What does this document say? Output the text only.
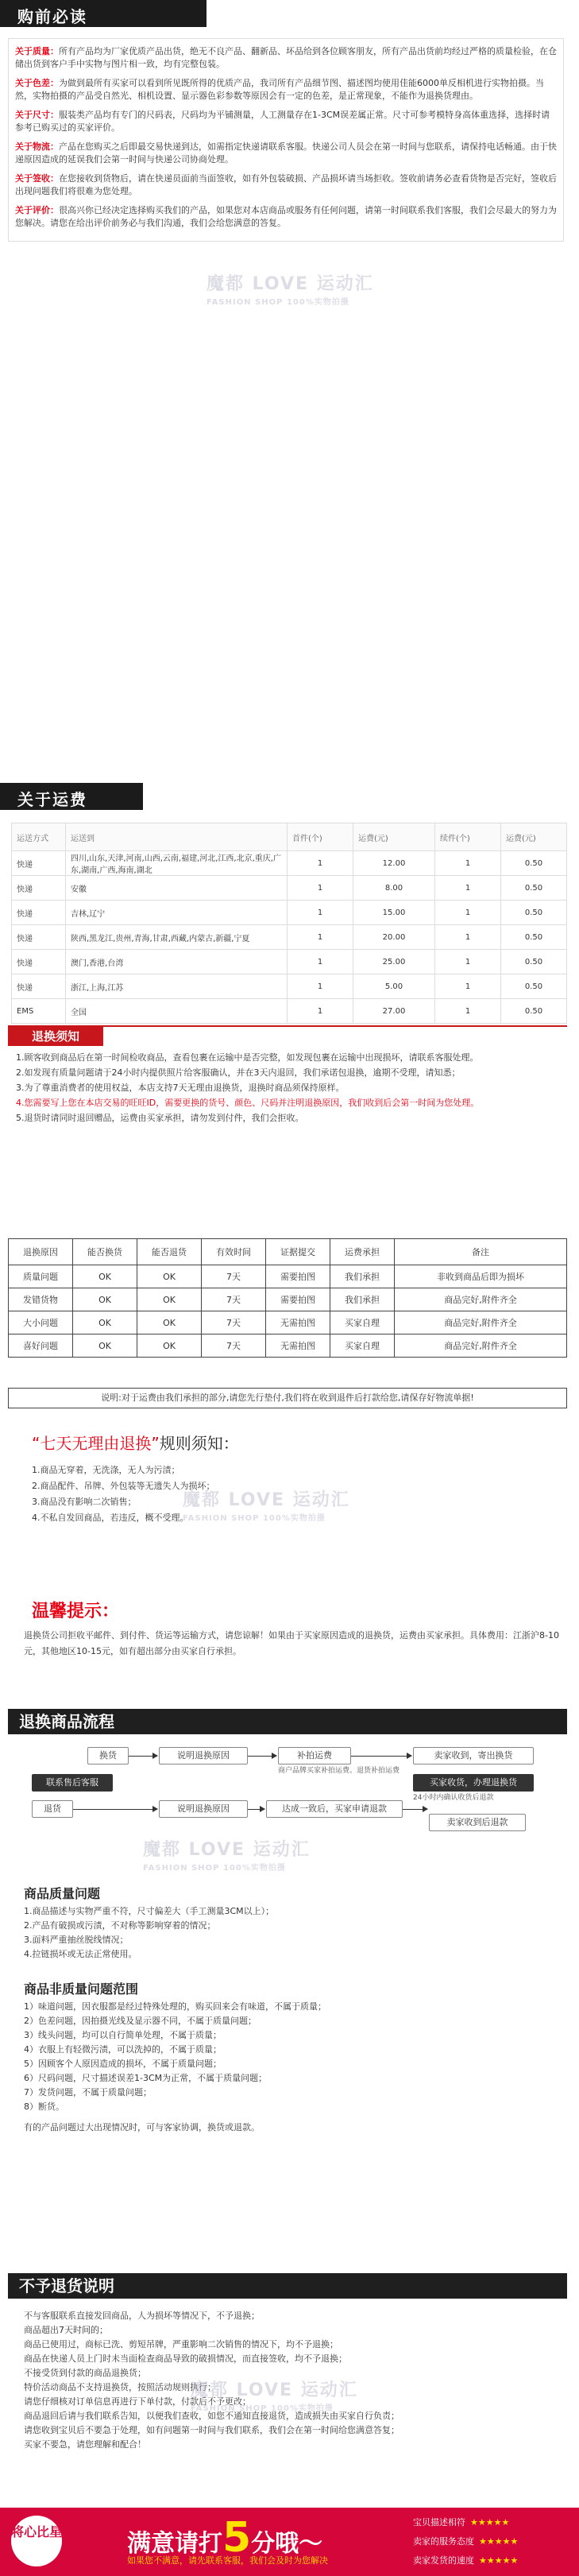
购前必读
关于质量：所有产品均为厂家优质产品出货，绝无不良产品、翻新品、坏品给到各位顾客朋友，所有产品出货前均经过严格的质量检验，在仓储出货到客户手中实物与图片相一致，均有完整包装。
关于色差：为做到最所有买家可以看到所见既所得的优质产品，我司所有产品细节图、描述图均使用佳能6000单反相机进行实物拍摄。当然，实物拍摄的产品受自然光、相机设置、显示器色彩参数等原因会有一定的色差，是正常现象，不能作为退换货理由。
关于尺寸：服装类产品均有专门的尺码表，尺码均为平铺测量，人工测量存在1-3CM误差属正常。尺寸可参考模特身高体重选择，选择时请参考已购买过的买家评价。
关于物流：产品在您购买之后即最交易快递到达，如需指定快递请联系客服。快递公司人员会在第一时间与您联系，请保持电话畅通。由于快递原因造成的延误我们会第一时间与快递公司协商处理。
关于签收：在您接收到货物后，请在快递员面前当面签收，如有外包装破损、产品损坏请当场拒收。签收前请务必查看货物是否完好，签收后出现问题我们将很难为您处理。
关于评价：很高兴你已经决定选择购买我们的产品，如果您对本店商品或服务有任何问题，请第一时间联系我们客服，我们会尽最大的努力为您解决。请您在给出评价前务必与我们沟通，我们会给您满意的答复。
魔都 LOVE 运动汇
FASHION SHOP 100%实物拍摄
关于运费
运送方式	运送到	首件(个)	运费(元)	续件(个)	运费(元)
快递	四川,山东,天津,河南,山西,云南,福建,河北,江西,北京,重庆,广东,湖南,广西,海南,湖北	1	12.00	1	0.50
快递	安徽	1	8.00	1	0.50
快递	吉林,辽宁	1	15.00	1	0.50
快递	陕西,黑龙江,贵州,青海,甘肃,西藏,内蒙古,新疆,宁夏	1	20.00	1	0.50
快递	澳门,香港,台湾	1	25.00	1	0.50
快递	浙江,上海,江苏	1	5.00	1	0.50
EMS	全国	1	27.00	1	0.50
退换须知
1.顾客收到商品后在第一时间检收商品，查看包裹在运输中是否完整，如发现包裹在运输中出现损坏，请联系客服处理。
2.如发现有质量问题请于24小时内提供照片给客服确认，并在3天内退回，我们承诺包退换，逾期不受理，请知悉；
3.为了尊重消费者的使用权益，本店支持7天无理由退换货，退换时商品须保持原样。
4.您需要写上您在本店交易的旺旺ID，需要更换的货号、颜色、尺码并注明退换原因，我们收到后会第一时间为您处理。
5.退货时请同时退回赠品，运费由买家承担，请勿发到付件，我们会拒收。
退换原因	能否换货	能否退货	有效时间	证据提交	运费承担	备注
质量问题	OK	OK	7天	需要拍图	我们承担	非收到商品后即为损坏
发错货物	OK	OK	7天	需要拍图	我们承担	商品完好,附件齐全
大小问题	OK	OK	7天	无需拍图	买家自理	商品完好,附件齐全
喜好问题	OK	OK	7天	无需拍图	买家自理	商品完好,附件齐全
说明:对于运费由我们承担的部分,请您先行垫付,我们将在收到退件后打款给您,请保存好物流单据!
“七天无理由退换”规则须知：
1.商品无穿着，无洗涤，无人为污渍；
2.商品配件、吊牌、外包装等无遗失人为损坏；
3.商品没有影响二次销售；
4.不私自发回商品，若违反，概不受理。
魔都 LOVE 运动汇
FASHION SHOP 100%实物拍摄
温馨提示：
退换货公司拒收平邮件、到付件、货运等运输方式，请您谅解！如果由于买家原因造成的退换货，运费由买家承担。具体费用：江浙沪8-10元，其他地区10-15元，如有超出部分由买家自行承担。
退换商品流程
换货
联系售后客服
退货
说明退换原因
说明退换原因
补拍运费
达成一致后，买家申请退款
卖家收到，寄出换货
买家收货，办理退换货
卖家收到后退款
商户品牌买家补拍运费。退货补拍运费
24小时内确认收货后退款
魔都 LOVE 运动汇
FASHION SHOP 100%实物拍摄
商品质量问题
1.商品描述与实物严重不符，尺寸偏差大（手工测量3CM以上）；
2.产品有破损或污渍，不对称等影响穿着的情况；
3.面料严重抽丝脱线情况；
4.拉链损坏或无法正常使用。
商品非质量问题范围
1）味道问题，因衣服都是经过特殊处理的，购买回来会有味道，不属于质量；
2）色差问题，因拍摄光线及显示器不同，不属于质量问题；
3）线头问题，均可以自行简单处理，不属于质量；
4）衣服上有轻微污渍，可以洗掉的，不属于质量；
5）因顾客个人原因造成的损坏，不属于质量问题；
6）尺码问题，尺寸描述误差1-3CM为正常，不属于质量问题；
7）发货问题，不属于质量问题；
8）断货。
有的产品问题过大出现情况时，可与客家协调，换货或退款。
不予退货说明
不与客服联系直接发回商品，人为损坏等情况下，不予退换；
商品超出7天时间的；
商品已使用过，商标已洗、剪短吊牌，严重影响二次销售的情况下，均不予退换；
商品在快递人员上门时未当面检查商品导致的破损情况，而直接签收，均不予退换；
不接受货到付款的商品退换货；
特价活动商品不支持退换货，按照活动规则执行；
请您仔细核对订单信息再进行下单付款，付款后不予更改；
商品退回后请与我们联系告知，以便我们查收，如您不通知直接退货，造成损失由买家自行负责；
请您收到宝贝后不要急于处理，如有问题第一时间与我们联系，我们会在第一时间给您满意答复；
买家不要急，请您理解和配合！
魔都 LOVE 运动汇
FASHION SHOP 100%实物拍摄
将心比星	满意请打5分哦～
如果您不满意，请先联系客服，我们会及时为您解决
宝贝描述相符 ★★★★★
卖家的服务态度 ★★★★★
卖家发货的速度 ★★★★★
